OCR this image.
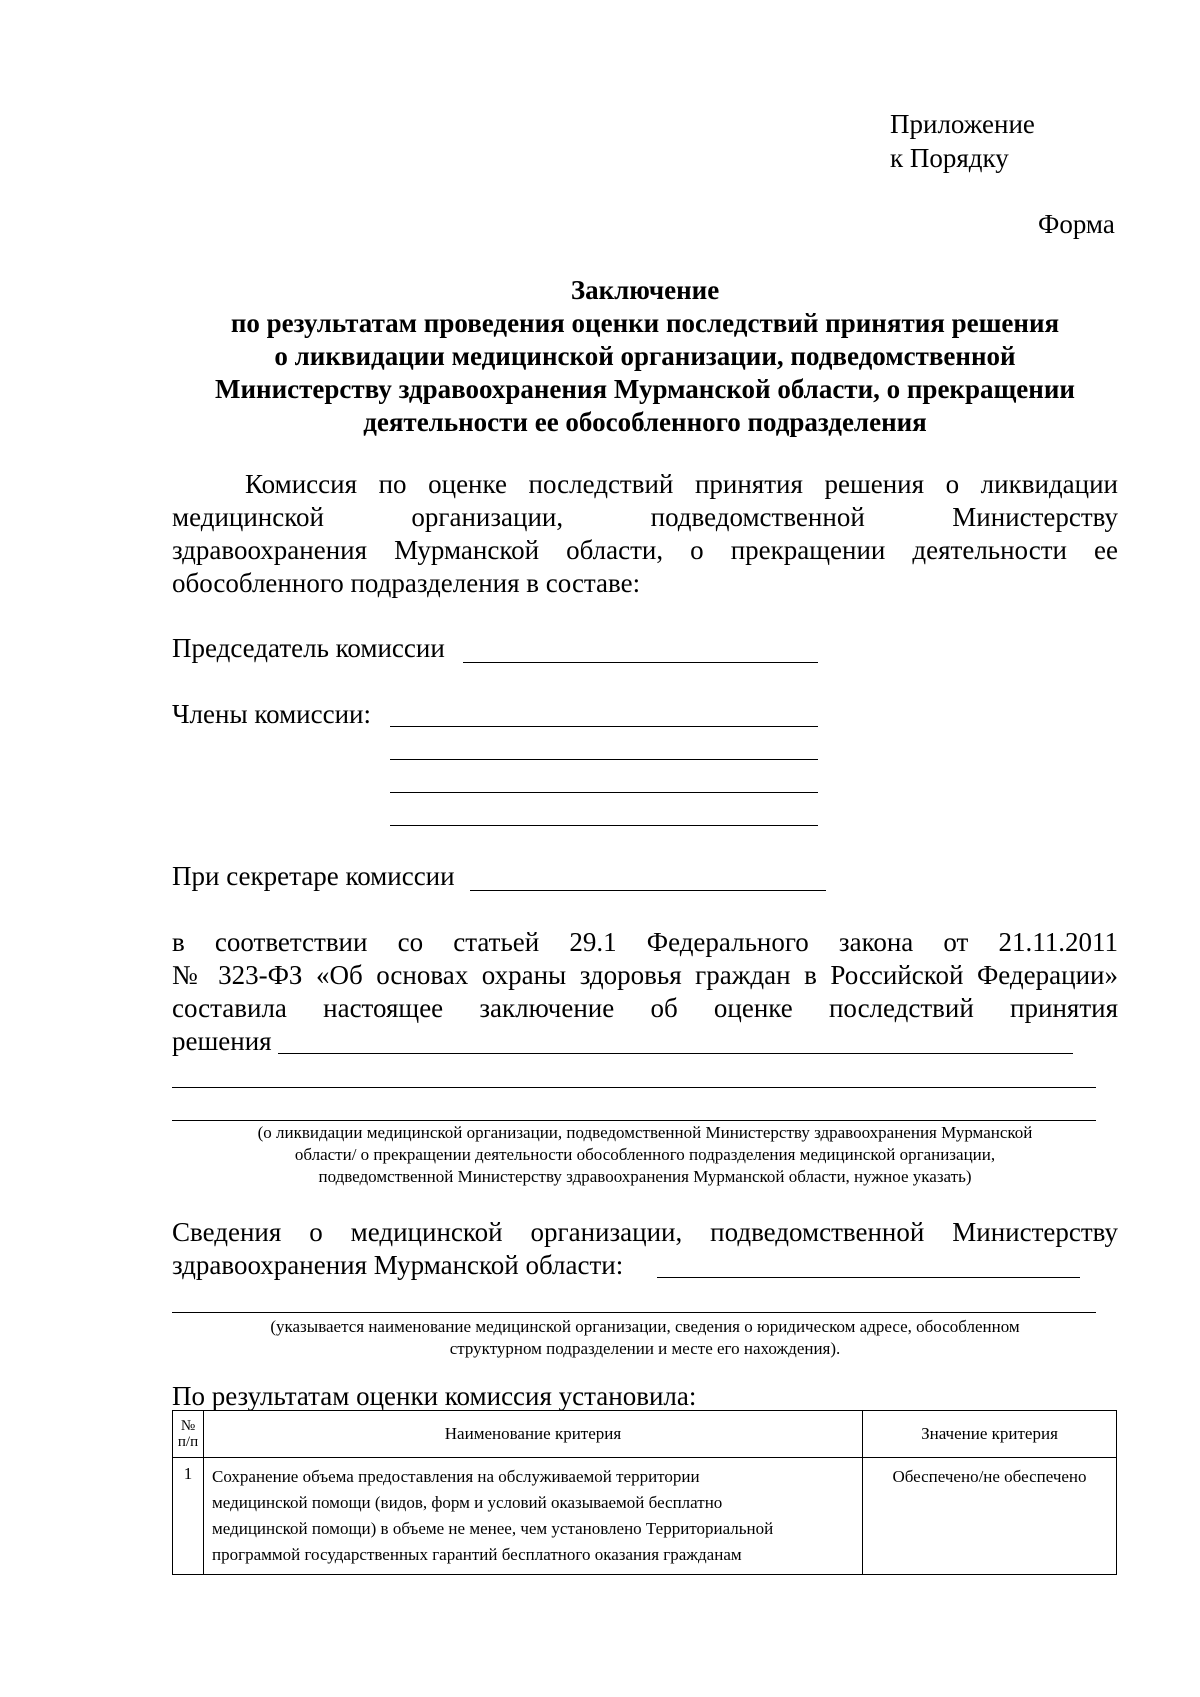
Приложение
к Порядку
Форма
Заключение
по результатам проведения оценки последствий принятия решения
о ликвидации медицинской организации, подведомственной
Министерству здравоохранения Мурманской области, о прекращении
деятельности ее обособленного подразделения
Комиссия по оценке последствий принятия решения о ликвидации
медицинской организации, подведомственной Министерству
здравоохранения Мурманской области, о прекращении деятельности ее
обособленного подразделения в составе:
Председатель комиссии
Члены комиссии:
При секретаре комиссии
в соответствии со статьей 29.1 Федерального закона от 21.11.2011
№ 323-ФЗ «Об основах охраны здоровья граждан в Российской Федерации»
составила настоящее заключение об оценке последствий принятия
решения
(о ликвидации медицинской организации, подведомственной Министерству здравоохранения Мурманской
области/ о прекращении деятельности обособленного подразделения медицинской организации,
подведомственной Министерству здравоохранения Мурманской области, нужное указать)
Сведения о медицинской организации, подведомственной Министерству
здравоохранения Мурманской области:
(указывается наименование медицинской организации, сведения о юридическом адресе, обособленном
структурном подразделении и месте его нахождения).
По результатам оценки комиссия установила:
№
п/п	Наименование критерия	Значение критерия
1	Сохранение объема предоставления на обслуживаемой территории
медицинской помощи (видов, форм и условий оказываемой бесплатно
медицинской помощи) в объеме не менее, чем установлено Территориальной
программой государственных гарантий бесплатного оказания гражданам	Обеспечено/не обеспечено
